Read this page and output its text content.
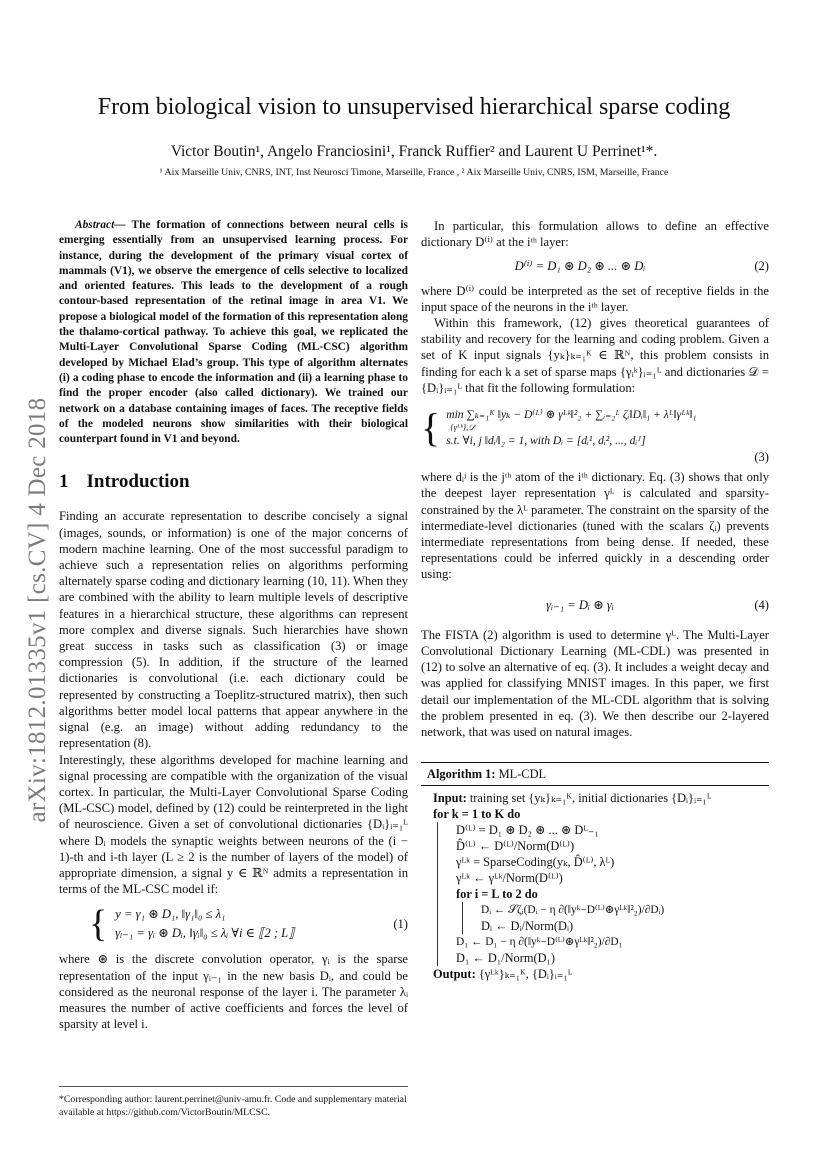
arXiv:1812.01335v1 [cs.CV] 4 Dec 2018
From biological vision to unsupervised hierarchical sparse coding
Victor Boutin¹, Angelo Franciosini¹, Franck Ruffier² and Laurent U Perrinet¹*.
¹ Aix Marseille Univ, CNRS, INT, Inst Neurosci Timone, Marseille, France , ² Aix Marseille Univ, CNRS, ISM, Marseille, France

Abstract— The formation of connections between neural cells is emerging essentially from an unsupervised learning process. For instance, during the development of the primary visual cortex of mammals (V1), we observe the emergence of cells selective to localized and oriented features. This leads to the development of a rough contour-based representation of the retinal image in area V1. We propose a biological model of the formation of this representation along the thalamo-cortical pathway. To achieve this goal, we replicated the Multi-Layer Convolutional Sparse Coding (ML-CSC) algorithm developed by Michael Elad’s group. This type of algorithm alternates (i) a coding phase to encode the information and (ii) a learning phase to find the proper encoder (also called dictionary). We trained our network on a database containing images of faces. The receptive fields of the modeled neurons show similarities with their biological counterpart found in V1 and beyond.

1 Introduction

Finding an accurate representation to describe concisely a signal (images, sounds, or information) is one of the major concerns of modern machine learning. One of the most successful paradigm to achieve such a representation relies on algorithms performing alternately sparse coding and dictionary learning (10, 11). When they are combined with the ability to learn multiple levels of descriptive features in a hierarchical structure, these algorithms can represent more complex and diverse signals. Such hierarchies have shown great success in tasks such as classification (3) or image compression (5). In addition, if the structure of the learned dictionaries is convolutional (i.e. each dictionary could be represented by constructing a Toeplitz-structured matrix), then such algorithms better model local patterns that appear anywhere in the signal (e.g. an image) without adding redundancy to the representation (8).

Interestingly, these algorithms developed for machine learning and signal processing are compatible with the organization of the visual cortex. In particular, the Multi-Layer Convolutional Sparse Coding (ML-CSC) model, defined by (12) could be reinterpreted in the light of neuroscience. Given a set of convolutional dictionaries {Dᵢ}ᵢ₌₁ᴸ where Dᵢ models the synaptic weights between neurons of the (i − 1)-th and i-th layer (L ≥ 2 is the number of layers of the model) of appropriate dimension, a signal y ∈ ℝᴺ admits a representation in terms of the ML-CSC model if:

{ y = γ₁ ⊛ D₁, ‖γ₁‖₀ ≤ λ₁
γᵢ₋₁ = γᵢ ⊛ Dᵢ, ‖γᵢ‖₀ ≤ λᵢ ∀i ∈ ⟦2 ; L⟧
(1)

where ⊛ is the discrete convolution operator, γᵢ is the sparse representation of the input γᵢ₋₁ in the new basis Dᵢ, and could be considered as the neuronal response of the layer i. The parameter λᵢ measures the number of active coefficients and forces the level of sparsity at level i.

*Corresponding author: laurent.perrinet@univ-amu.fr. Code and supplementary material available at https://github.com/VictorBoutin/MLCSC.

In particular, this formulation allows to define an effective dictionary D⁽ⁱ⁾ at the iᵗʰ layer:

D⁽ⁱ⁾ = D₁ ⊛ D₂ ⊛ ... ⊛ Dᵢ	(2)

where D⁽ⁱ⁾ could be interpreted as the set of receptive fields in the input space of the neurons in the iᵗʰ layer.

Within this framework, (12) gives theoretical guarantees of stability and recovery for the learning and coding problem. Given a set of K input signals {yₖ}ₖ₌₁ᴷ ∈ ℝᴺ, this problem consists in finding for each k a set of sparse maps {γᵢᵏ}ᵢ₌₁ᴸ and dictionaries 𝒟 = {Dᵢ}ᵢ₌₁ᴸ that fit the following formulation:

{ min ∑ₖ₌₁ᴷ ‖yₖ − D⁽ᴸ⁾ ⊛ γᴸᵏ‖²₂ + ∑ᵢ₌₂ᴸ ζᵢ‖Dᵢ‖₁ + λᴸ‖γᴸᵏ‖₁
{γᴸᵏ},𝒟
s.t. ∀i, j ‖dᵢʲ‖₂ = 1, with Dᵢ = [dᵢ¹, dᵢ², ..., dᵢᴶ]
(3)

where dᵢʲ is the jᵗʰ atom of the iᵗʰ dictionary. Eq. (3) shows that only the deepest layer representation γᴸ is calculated and sparsity-constrained by the λᴸ parameter. The constraint on the sparsity of the intermediate-level dictionaries (tuned with the scalars ζᵢ) prevents intermediate representations from being dense. If needed, these representations could be inferred quickly in a descending order using:

γᵢ₋₁ = Dᵢ ⊛ γᵢ	(4)

The FISTA (2) algorithm is used to determine γᴸ. The Multi-Layer Convolutional Dictionary Learning (ML-CDL) was presented in (12) to solve an alternative of eq. (3). It includes a weight decay and was applied for classifying MNIST images. In this paper, we first detail our implementation of the ML-CDL algorithm that is solving the problem presented in eq. (3). We then describe our 2-layered network, that was used on natural images.

Algorithm 1: ML-CDL
Input: training set {yₖ}ₖ₌₁ᴷ, initial dictionaries {Dᵢ}ᵢ₌₁ᴸ
for k = 1 to K do
D⁽ᴸ⁾ = D₁ ⊛ D₂ ⊛ ... ⊛ Dᴸ₋₁
D̂⁽ᴸ⁾ ← D⁽ᴸ⁾/Norm(D⁽ᴸ⁾)
γᴸᵏ = SparseCoding(yₖ, D̂⁽ᴸ⁾, λᴸ)
γᴸᵏ ← γᴸᵏ/Norm(D⁽ᴸ⁾)
for i = L to 2 do
Dᵢ ← 𝒮ζᵢ(Dᵢ − η ∂(‖yᵏ−D⁽ᴸ⁾⊛γᴸᵏ‖²₂)/∂Dᵢ)
Dᵢ ← Dᵢ/Norm(Dᵢ)
D₁ ← D₁ − η ∂(‖yᵏ−D⁽ᴸ⁾⊛γᴸᵏ‖²₂)/∂D₁
D₁ ← D₁/Norm(D₁)
Output: {γᴸᵏ}ₖ₌₁ᴷ, {Dᵢ}ᵢ₌₁ᴸ
